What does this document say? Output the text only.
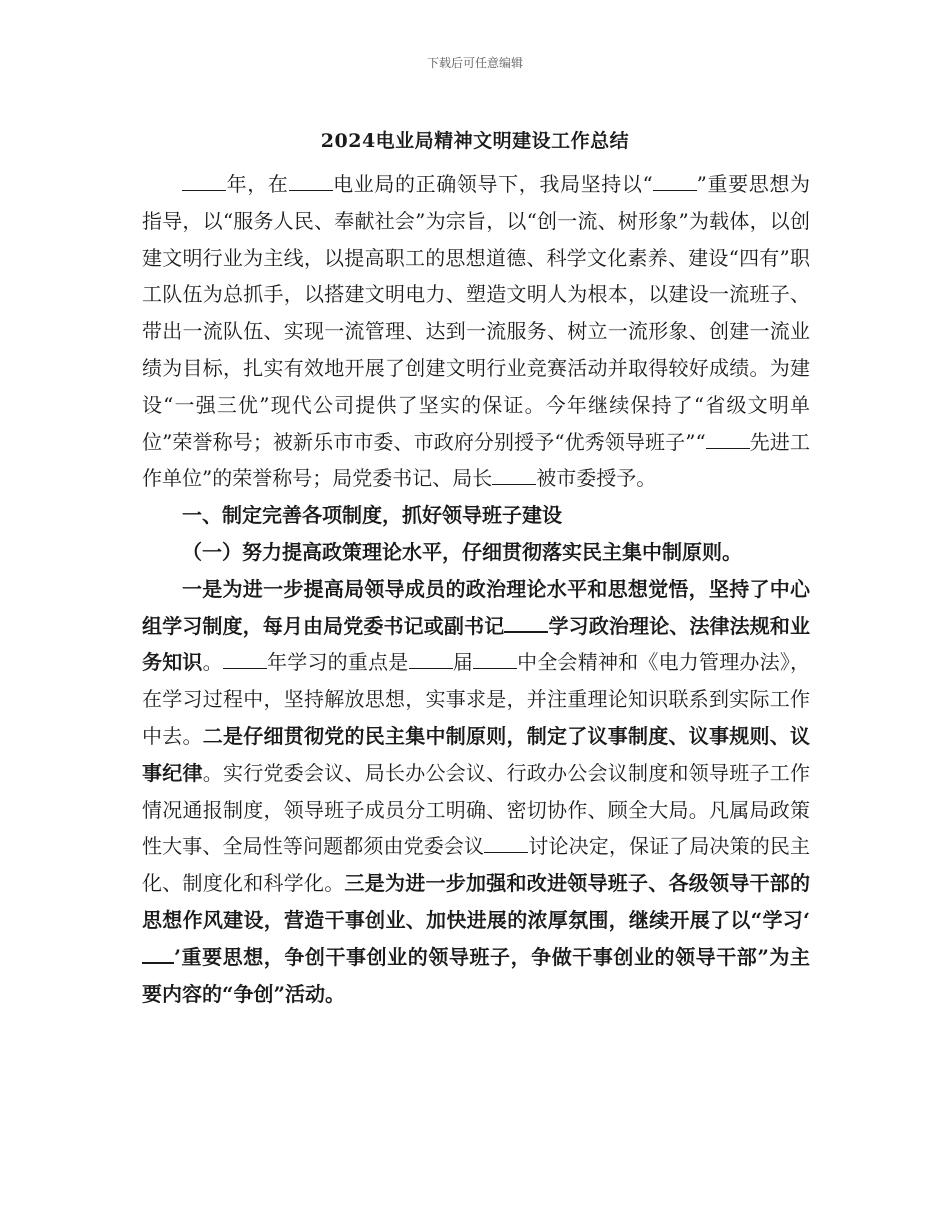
下载后可任意编辑
2024电业局精神文明建设工作总结

年，在 电业局的正确领导下，我局坚持以“ ”重要思想为指导，以“服务人民、奉献社会”为宗旨，以“创一流、树形象”为载体，以创建文明行业为主线，以提高职工的思想道德、科学文化素养、建设“四有”职工队伍为总抓手，以搭建文明电力、塑造文明人为根本，以建设一流班子、带出一流队伍、实现一流管理、达到一流服务、树立一流形象、创建一流业绩为目标，扎实有效地开展了创建文明行业竞赛活动并取得较好成绩。为建设“一强三优”现代公司提供了坚实的保证。今年继续保持了“省级文明单位”荣誉称号；被新乐市市委、市政府分别授予“优秀领导班子”“ 先进工作单位”的荣誉称号；局党委书记、局长 被市委授予。

一、制定完善各项制度，抓好领导班子建设

（一）努力提高政策理论水平，仔细贯彻落实民主集中制原则。

一是为进一步提高局领导成员的政治理论水平和思想觉悟，坚持了中心组学习制度，每月由局党委书记或副书记 学习政治理论、法律法规和业务知识。 年学习的重点是 届 中全会精神和《电力管理办法》，在学习过程中，坚持解放思想，实事求是，并注重理论知识联系到实际工作中去。二是仔细贯彻党的民主集中制原则，制定了议事制度、议事规则、议事纪律。实行党委会议、局长办公会议、行政办公会议制度和领导班子工作情况通报制度，领导班子成员分工明确、密切协作、顾全大局。凡属局政策性大事、全局性等问题都须由党委会议 讨论决定，保证了局决策的民主化、制度化和科学化。三是为进一步加强和改进领导班子、各级领导干部的思想作风建设，营造干事创业、加快进展的浓厚氛围，继续开展了以“学习‘’重要思想，争创干事创业的领导班子，争做干事创业的领导干部”为主要内容的“争创”活动。
